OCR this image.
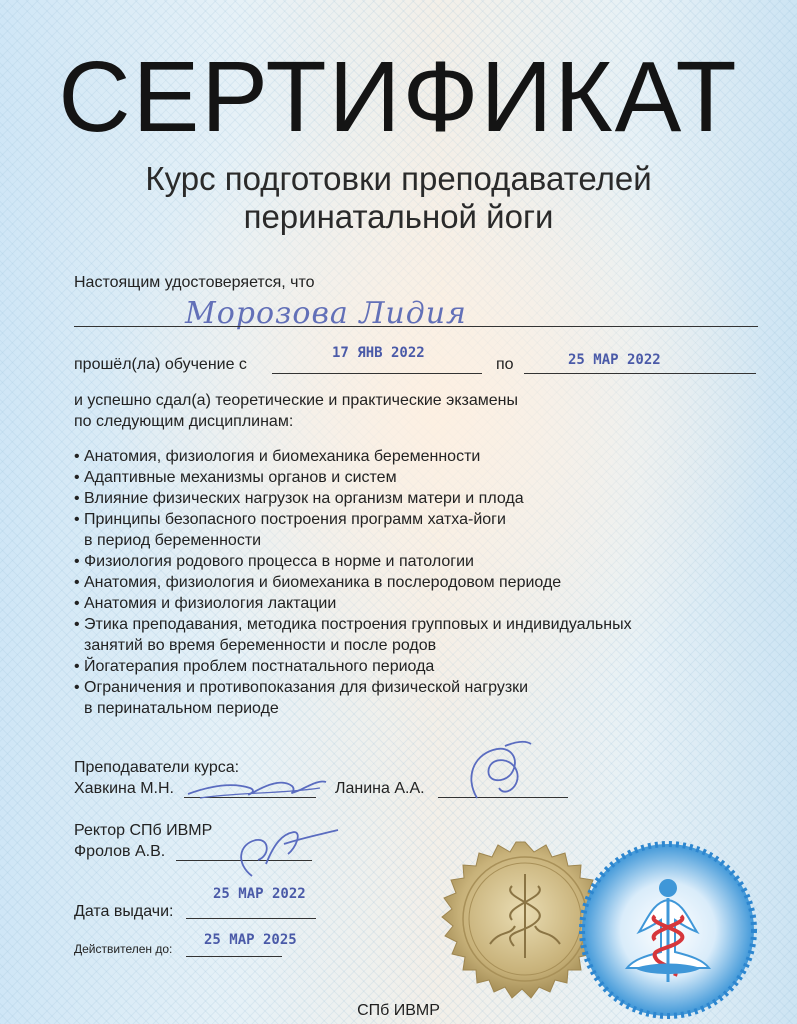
СЕРТИФИКАТ
Курс подготовки преподавателей
перинатальной йоги
Настоящим удостоверяется, что
Морозова Лидия
прошёл(ла) обучение с
17 ЯНВ 2022
по	25 МАР 2022
и успешно сдал(а) теоретические и практические экзамены
по следующим дисциплинам:
• Анатомия, физиология и биомеханика беременности
• Адаптивные механизмы органов и систем
• Влияние физических нагрузок на организм матери и плода
• Принципы безопасного построения программ хатха-йоги
в период беременности
• Физиология родового процесса в норме и патологии
• Анатомия, физиология и биомеханика в послеродовом периоде
• Анатомия и физиология лактации
• Этика преподавания, методика построения групповых и индивидуальных
занятий во время беременности и после родов
• Йогатерапия проблем постнатального периода
• Ограничения и противопоказания для физической нагрузки
в перинатальном периоде
Преподаватели курса:
Хавкина М.Н.	Ланина А.А.
Ректор СПб ИВМР
Фролов А.В.
25 МАР 2022
Дата выдачи:
25 МАР 2025
Действителен до:
СПб ИВМР
